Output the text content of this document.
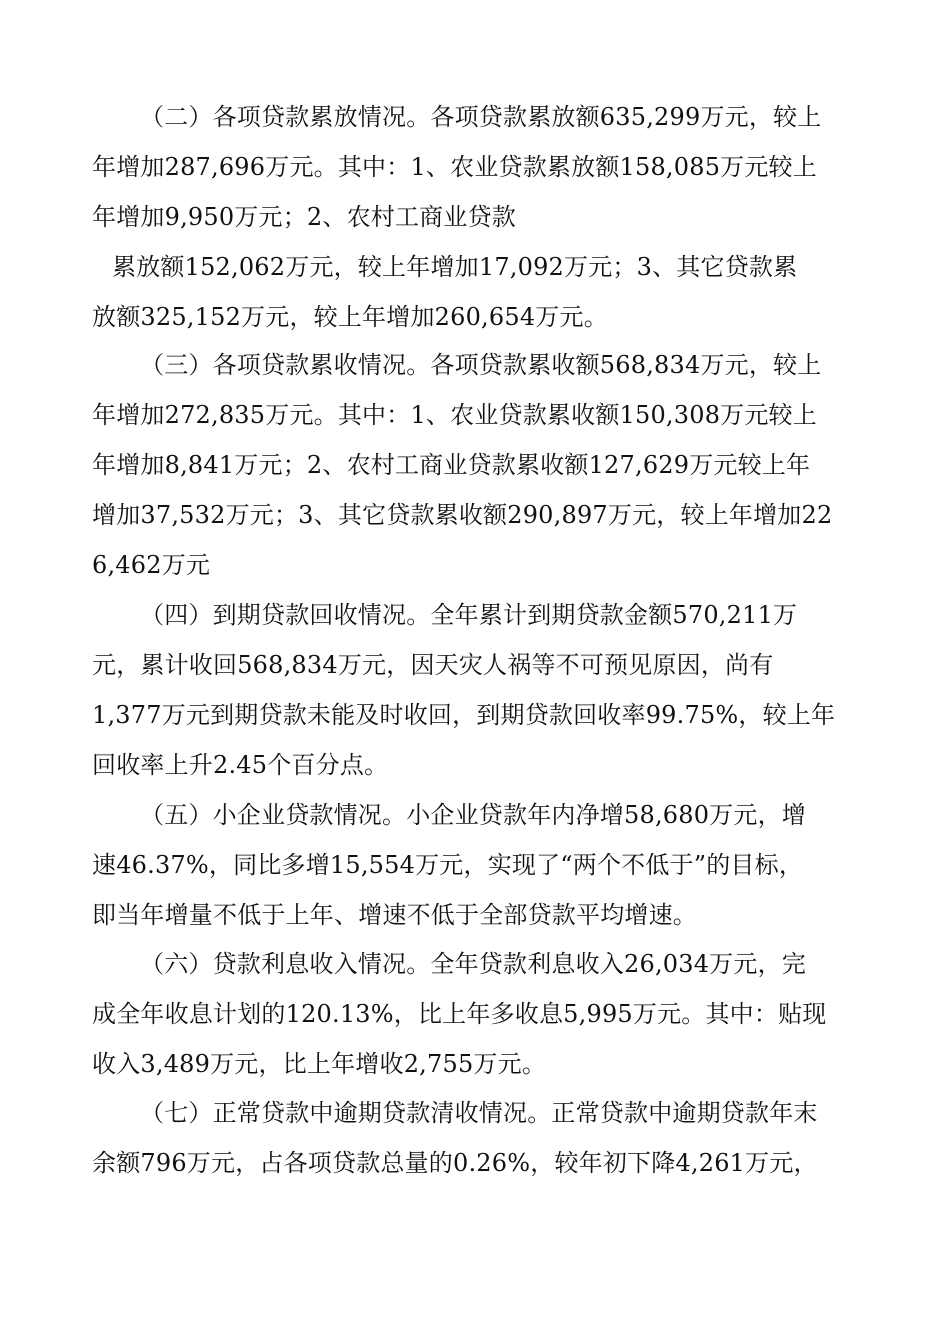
（二）各项贷款累放情况。各项贷款累放额635,299万元，较上

年增加287,696万元。其中：1、农业贷款累放额158,085万元较上

年增加9,950万元；2、农村工商业贷款

累放额152,062万元，较上年增加17,092万元；3、其它贷款累

放额325,152万元，较上年增加260,654万元。

（三）各项贷款累收情况。各项贷款累收额568,834万元，较上

年增加272,835万元。其中：1、农业贷款累收额150,308万元较上

年增加8,841万元；2、农村工商业贷款累收额127,629万元较上年

增加37,532万元；3、其它贷款累收额290,897万元，较上年增加22

6,462万元

（四）到期贷款回收情况。全年累计到期贷款金额570,211万

元，累计收回568,834万元，因天灾人祸等不可预见原因，尚有

1,377万元到期贷款未能及时收回，到期贷款回收率99.75%，较上年

回收率上升2.45个百分点。

（五）小企业贷款情况。小企业贷款年内净增58,680万元，增

速46.37%，同比多增15,554万元，实现了“两个不低于”的目标，

即当年增量不低于上年、增速不低于全部贷款平均增速。

（六）贷款利息收入情况。全年贷款利息收入26,034万元，完

成全年收息计划的120.13%，比上年多收息5,995万元。其中：贴现

收入3,489万元，比上年增收2,755万元。

（七）正常贷款中逾期贷款清收情况。正常贷款中逾期贷款年末

余额796万元，占各项贷款总量的0.26%，较年初下降4,261万元，
